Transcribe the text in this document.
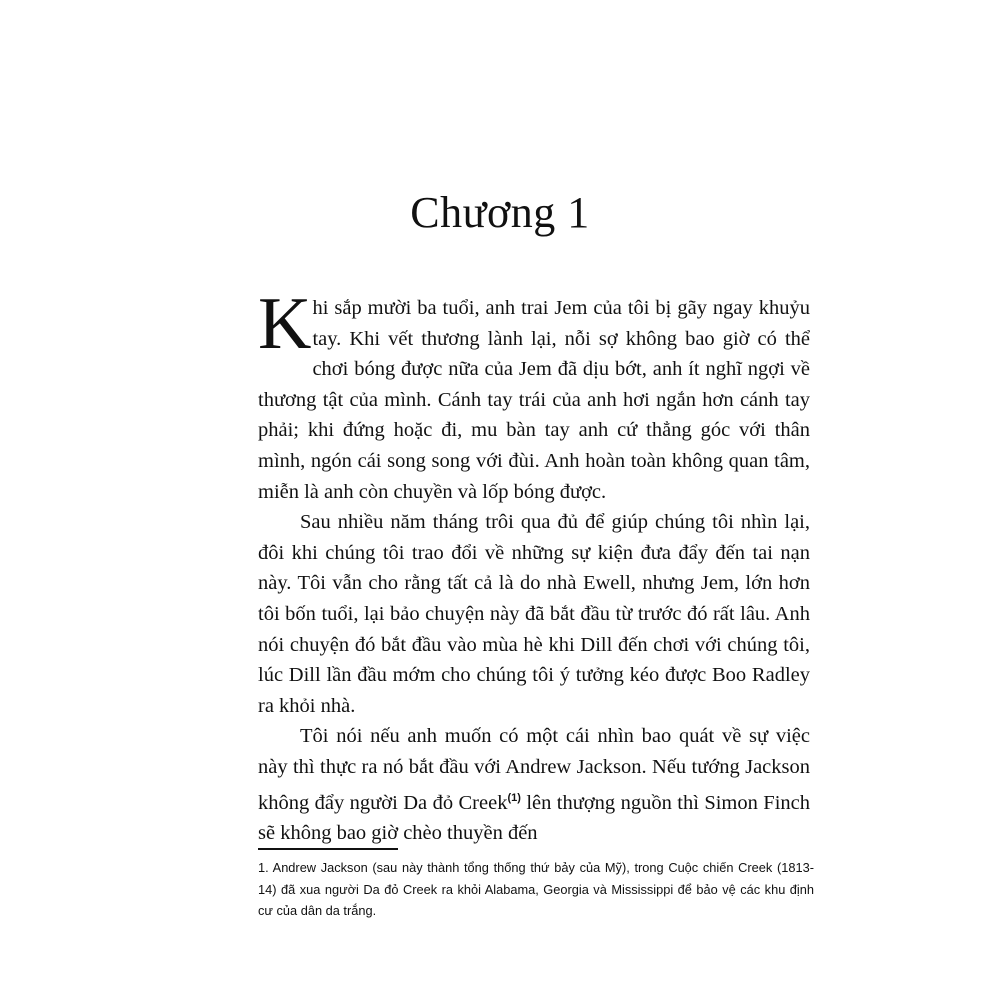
Chương 1

Khi sắp mười ba tuổi, anh trai Jem của tôi bị gãy ngay khuỷu tay. Khi vết thương lành lại, nỗi sợ không bao giờ có thể chơi bóng được nữa của Jem đã dịu bớt, anh ít nghĩ ngợi về thương tật của mình. Cánh tay trái của anh hơi ngắn hơn cánh tay phải; khi đứng hoặc đi, mu bàn tay anh cứ thẳng góc với thân mình, ngón cái song song với đùi. Anh hoàn toàn không quan tâm, miễn là anh còn chuyền và lốp bóng được.

Sau nhiều năm tháng trôi qua đủ để giúp chúng tôi nhìn lại, đôi khi chúng tôi trao đổi về những sự kiện đưa đẩy đến tai nạn này. Tôi vẫn cho rằng tất cả là do nhà Ewell, nhưng Jem, lớn hơn tôi bốn tuổi, lại bảo chuyện này đã bắt đầu từ trước đó rất lâu. Anh nói chuyện đó bắt đầu vào mùa hè khi Dill đến chơi với chúng tôi, lúc Dill lần đầu mớm cho chúng tôi ý tưởng kéo được Boo Radley ra khỏi nhà.

Tôi nói nếu anh muốn có một cái nhìn bao quát về sự việc này thì thực ra nó bắt đầu với Andrew Jackson. Nếu tướng Jackson không đẩy người Da đỏ Creek$^{(1)}$ lên thượng nguồn thì Simon Finch sẽ không bao giờ chèo thuyền đến

1. Andrew Jackson (sau này thành tổng thống thứ bảy của Mỹ), trong Cuộc chiến Creek (1813-14) đã xua người Da đỏ Creek ra khỏi Alabama, Georgia và Mississippi để bảo vệ các khu định cư của dân da trắng.
